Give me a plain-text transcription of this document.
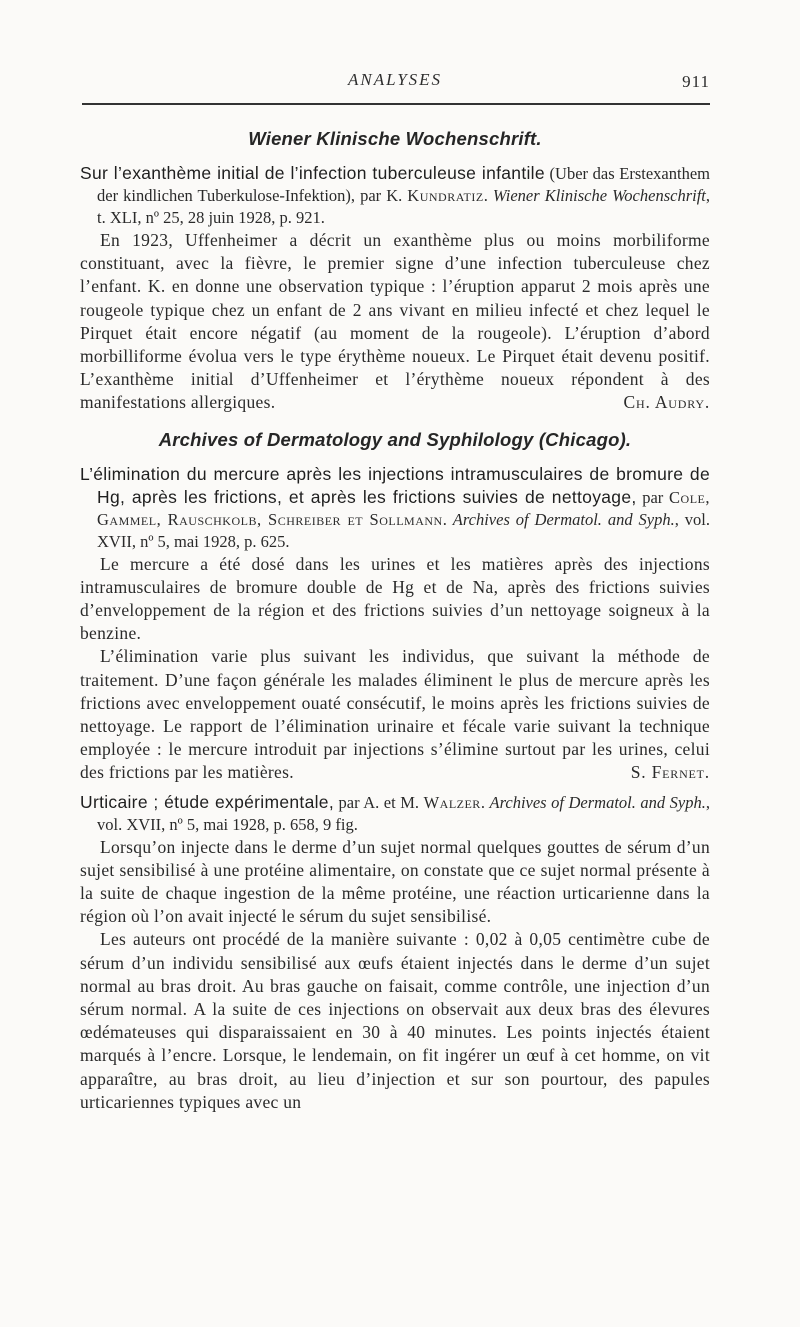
ANALYSES	911
Wiener Klinische Wochenschrift.

Sur l’exanthème initial de l’infection tuberculeuse infantile (Uber das Erstexanthem der kindlichen Tuberkulose-Infektion), par K. Kundratiz. Wiener Klinische Wochenschrift, t. XLI, nº 25, 28 juin 1928, p. 921.

En 1923, Uffenheimer a décrit un exanthème plus ou moins morbiliforme constituant, avec la fièvre, le premier signe d’une infection tuberculeuse chez l’enfant. K. en donne une observation typique : l’éruption apparut 2 mois après une rougeole typique chez un enfant de 2 ans vivant en milieu infecté et chez lequel le Pirquet était encore négatif (au moment de la rougeole). L’éruption d’abord morbilliforme évolua vers le type érythème noueux. Le Pirquet était devenu positif. L’exanthème initial d’Uffenheimer et l’érythème noueux répondent à des manifestations allergiques.	Ch. Audry.

Archives of Dermatology and Syphilology (Chicago).

L’élimination du mercure après les injections intramusculaires de bromure de Hg, après les frictions, et après les frictions suivies de nettoyage, par Cole, Gammel, Rauschkolb, Schreiber et Sollmann. Archives of Dermatol. and Syph., vol. XVII, nº 5, mai 1928, p. 625.

Le mercure a été dosé dans les urines et les matières après des injections intramusculaires de bromure double de Hg et de Na, après des frictions suivies d’enveloppement de la région et des frictions suivies d’un nettoyage soigneux à la benzine.

L’élimination varie plus suivant les individus, que suivant la méthode de traitement. D’une façon générale les malades éliminent le plus de mercure après les frictions avec enveloppement ouaté consécutif, le moins après les frictions suivies de nettoyage. Le rapport de l’élimination urinaire et fécale varie suivant la technique employée : le mercure introduit par injections s’élimine surtout par les urines, celui des frictions par les matières.	S. Fernet.

Urticaire ; étude expérimentale, par A. et M. Walzer. Archives of Dermatol. and Syph., vol. XVII, nº 5, mai 1928, p. 658, 9 fig.

Lorsqu’on injecte dans le derme d’un sujet normal quelques gouttes de sérum d’un sujet sensibilisé à une protéine alimentaire, on constate que ce sujet normal présente à la suite de chaque ingestion de la même protéine, une réaction urticarienne dans la région où l’on avait injecté le sérum du sujet sensibilisé.

Les auteurs ont procédé de la manière suivante : 0,02 à 0,05 centimètre cube de sérum d’un individu sensibilisé aux œufs étaient injectés dans le derme d’un sujet normal au bras droit. Au bras gauche on faisait, comme contrôle, une injection d’un sérum normal. A la suite de ces injections on observait aux deux bras des élevures œdémateuses qui disparaissaient en 30 à 40 minutes. Les points injectés étaient marqués à l’encre. Lorsque, le lendemain, on fit ingérer un œuf à cet homme, on vit apparaître, au bras droit, au lieu d’injection et sur son pourtour, des papules urticariennes typiques avec un
